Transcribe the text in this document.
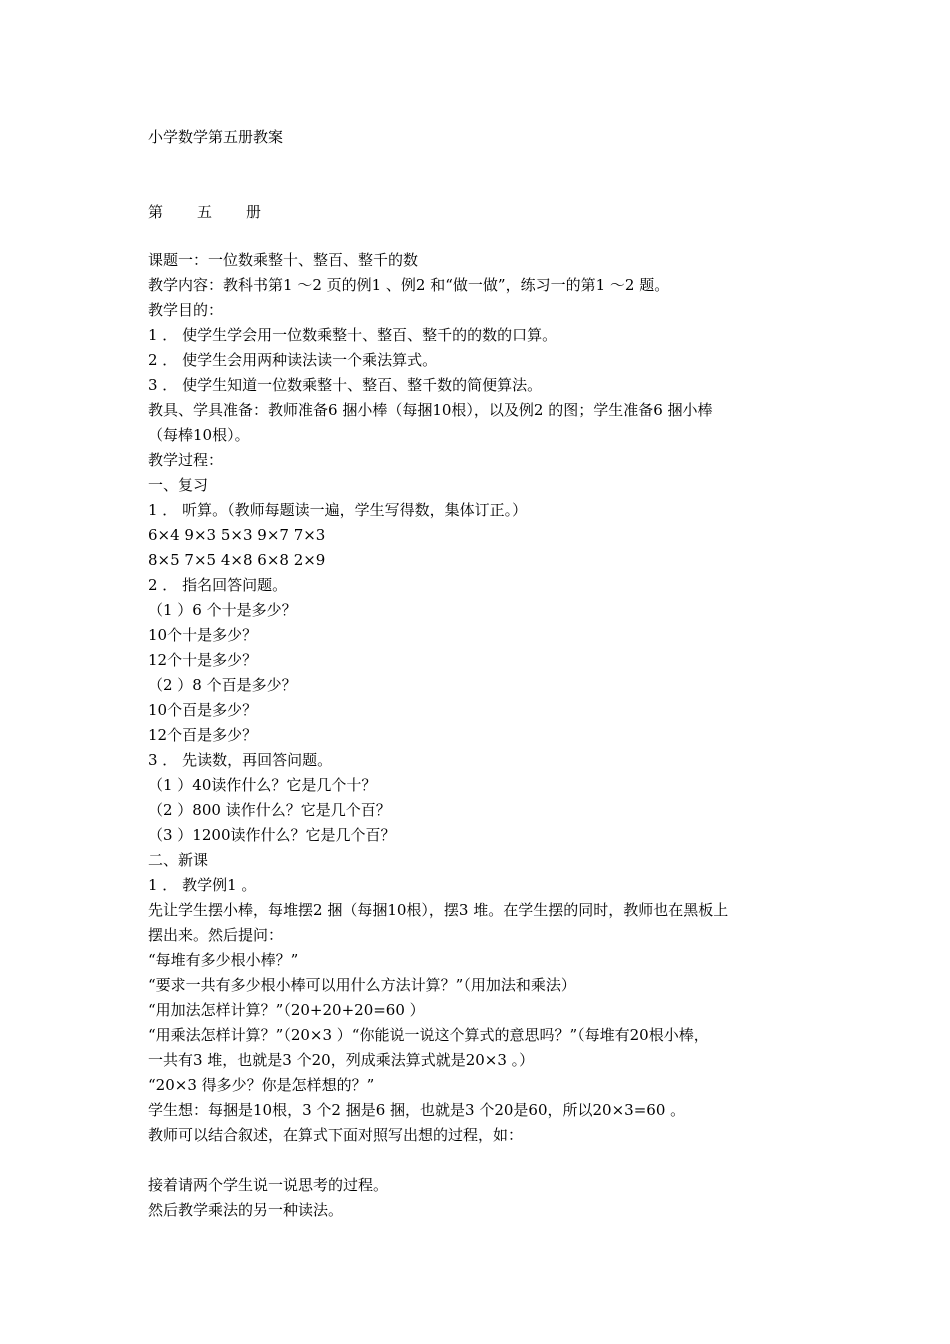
小学数学第五册教案
第 五 册
课题一：一位数乘整十、整百、整千的数
教学内容：教科书第1 ～2 页的例1 、例2 和“做一做”，练习一的第1 ～2 题。
教学目的：
1 ． 使学生学会用一位数乘整十、整百、整千的的数的口算。
2 ． 使学生会用两种读法读一个乘法算式。
3 ． 使学生知道一位数乘整十、整百、整千数的简便算法。
教具、学具准备：教师准备6 捆小棒（每捆10根），以及例2 的图；学生准备6 捆小棒
（每棒10根）。
教学过程：
一、复习
1 ． 听算。（教师每题读一遍，学生写得数，集体订正。）
6×4 9×3 5×3 9×7 7×3
8×5 7×5 4×8 6×8 2×9
2 ． 指名回答问题。
（1 ）6 个十是多少？
10个十是多少？
12个十是多少？
（2 ）8 个百是多少？
10个百是多少？
12个百是多少？
3 ． 先读数，再回答问题。
（1 ）40读作什么？它是几个十？
（2 ）800 读作什么？它是几个百？
（3 ）1200读作什么？它是几个百？
二、新课
1 ． 教学例1 。
先让学生摆小棒，每堆摆2 捆（每捆10根），摆3 堆。在学生摆的同时，教师也在黑板上
摆出来。然后提问：
“每堆有多少根小棒？”
“要求一共有多少根小棒可以用什么方法计算？”（用加法和乘法）
“用加法怎样计算？”（20+20+20=60 ）
“用乘法怎样计算？”（20×3 ）“你能说一说这个算式的意思吗？”（每堆有20根小棒，
一共有3 堆，也就是3 个20，列成乘法算式就是20×3 。）
“20×3 得多少？你是怎样想的？”
学生想：每捆是10根，3 个2 捆是6 捆，也就是3 个20是60，所以20×3=60 。
教师可以结合叙述，在算式下面对照写出想的过程，如：
接着请两个学生说一说思考的过程。
然后教学乘法的另一种读法。
